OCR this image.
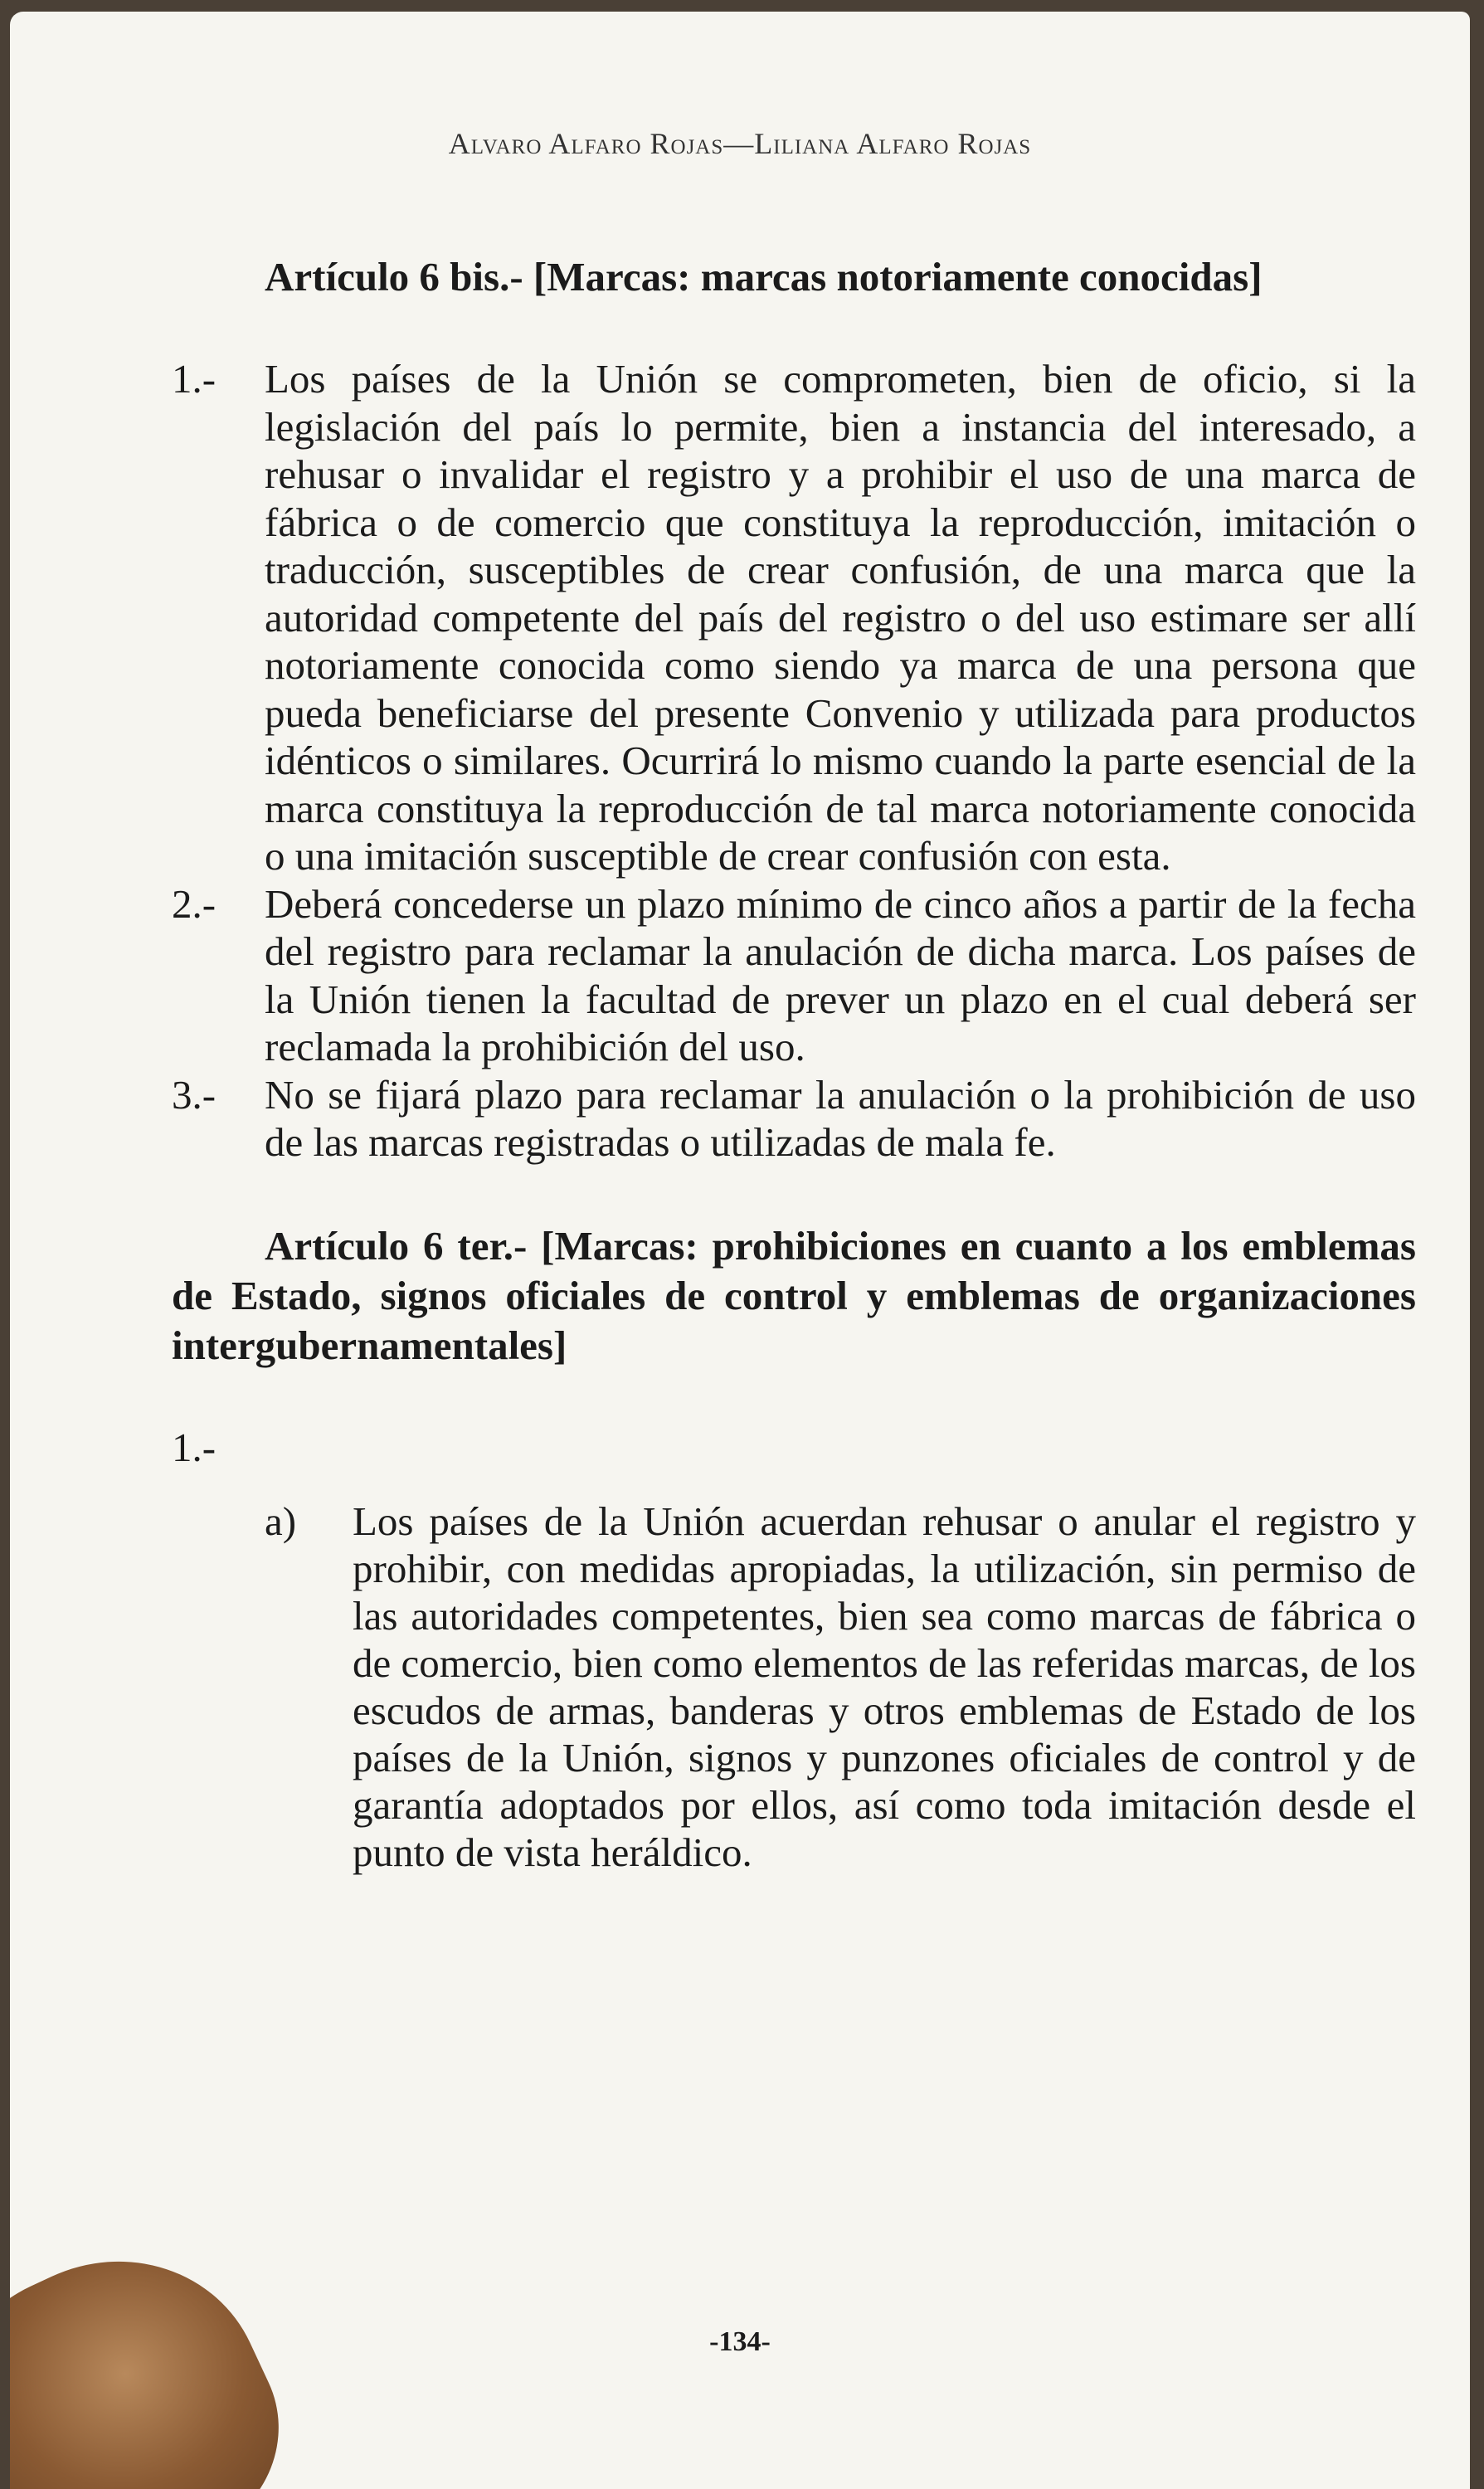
Alvaro Alfaro Rojas—Liliana Alfaro Rojas

Artículo 6 bis.- [Marcas: marcas notoriamente conocidas]

1.-	Los países de la Unión se comprometen, bien de oficio, si la legislación del país lo permite, bien a instancia del interesado, a rehusar o invalidar el registro y a prohibir el uso de una marca de fábrica o de comercio que constituya la reproducción, imitación o traducción, susceptibles de crear confusión, de una marca que la autoridad competente del país del registro o del uso estimare ser allí notoriamente conocida como siendo ya marca de una persona que pueda beneficiarse del presente Convenio y utilizada para productos idénticos o similares. Ocurrirá lo mismo cuando la parte esencial de la marca constituya la reproducción de tal marca notoriamente conocida o una imitación susceptible de crear confusión con esta.

2.-	Deberá concederse un plazo mínimo de cinco años a partir de la fecha del registro para reclamar la anulación de dicha marca. Los países de la Unión tienen la facultad de prever un plazo en el cual deberá ser reclamada la prohibición del uso.

3.-	No se fijará plazo para reclamar la anulación o la prohibición de uso de las marcas registradas o utilizadas de mala fe.

Artículo 6 ter.- [Marcas: prohibiciones en cuanto a los emblemas de Estado, signos oficiales de control y emblemas de organizaciones intergubernamentales]

1.-
a)	Los países de la Unión acuerdan rehusar o anular el registro y prohibir, con medidas apropiadas, la utilización, sin permiso de las autoridades competentes, bien sea como marcas de fábrica o de comercio, bien como elementos de las referidas marcas, de los escudos de armas, banderas y otros emblemas de Estado de los países de la Unión, signos y punzones oficiales de control y de garantía adoptados por ellos, así como toda imitación desde el punto de vista heráldico.

-134-
